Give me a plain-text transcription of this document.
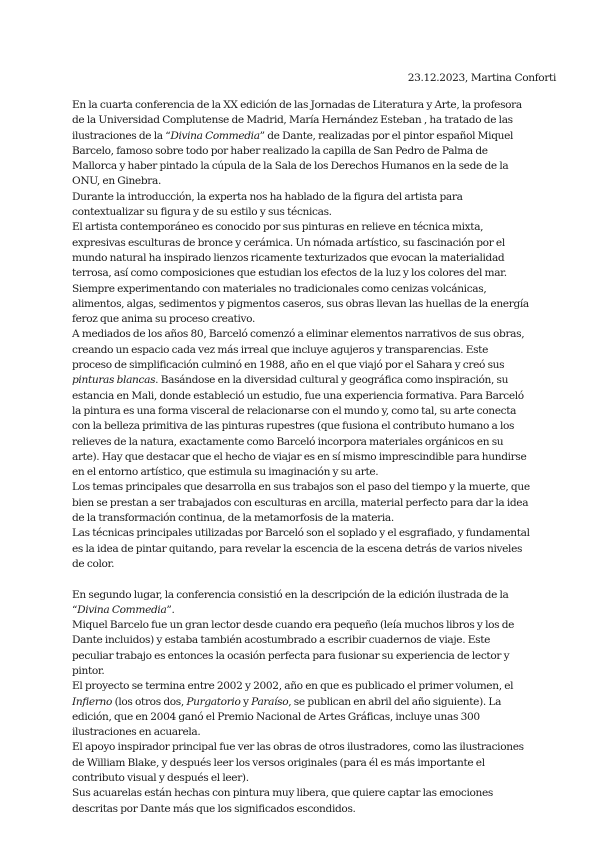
23.12.2023, Martina Conforti

En la cuarta conferencia de la XX edición de las Jornadas de Literatura y Arte, la profesora de la Universidad Complutense de Madrid, María Hernández Esteban , ha tratado de las ilustraciones de la “Divina Commedia” de Dante, realizadas por el pintor español Miquel Barcelo, famoso sobre todo por haber realizado la capilla de San Pedro de Palma de Mallorca y haber pintado la cúpula de la Sala de los Derechos Humanos en la sede de la ONU, en Ginebra.

Durante la introducción, la experta nos ha hablado de la figura del artista para contextualizar su figura y de su estilo y sus técnicas.

El artista contemporáneo es conocido por sus pinturas en relieve en técnica mixta, expresivas esculturas de bronce y cerámica. Un nómada artístico, su fascinación por el mundo natural ha inspirado lienzos ricamente texturizados que evocan la materialidad terrosa, así como composiciones que estudian los efectos de la luz y los colores del mar. Siempre experimentando con materiales no tradicionales como cenizas volcánicas, alimentos, algas, sedimentos y pigmentos caseros, sus obras llevan las huellas de la energía feroz que anima su proceso creativo.

A mediados de los años 80, Barceló comenzó a eliminar elementos narrativos de sus obras, creando un espacio cada vez más irreal que incluye agujeros y transparencias. Este proceso de simplificación culminó en 1988, año en el que viajó por el Sahara y creó sus pinturas blancas. Basándose en la diversidad cultural y geográfica como inspiración, su estancia en Mali, donde estableció un estudio, fue una experiencia formativa. Para Barceló la pintura es una forma visceral de relacionarse con el mundo y, como tal, su arte conecta con la belleza primitiva de las pinturas rupestres (que fusiona el contributo humano a los relieves de la natura, exactamente como Barceló incorpora materiales orgánicos en su arte). Hay que destacar que el hecho de viajar es en sí mismo imprescindible para hundirse en el entorno artístico, que estimula su imaginación y su arte.

Los temas principales que desarrolla en sus trabajos son el paso del tiempo y la muerte, que bien se prestan a ser trabajados con esculturas en arcilla, material perfecto para dar la idea de la transformación continua, de la metamorfosis de la materia.

Las técnicas principales utilizadas por Barceló son el soplado y el esgrafiado, y fundamental es la idea de pintar quitando, para revelar la escencia de la escena detrás de varios niveles de color.

En segundo lugar, la conferencia consistió en la descripción de la edición ilustrada de la “Divina Commedia”.

Miquel Barcelo fue un gran lector desde cuando era pequeño (leía muchos libros y los de Dante incluidos) y estaba también acostumbrado a escribir cuadernos de viaje. Este peculiar trabajo es entonces la ocasión perfecta para fusionar su experiencia de lector y pintor.

El proyecto se termina entre 2002 y 2002, año en que es publicado el primer volumen, el Infierno (los otros dos, Purgatorio y Paraíso, se publican en abril del año siguiente). La edición, que en 2004 ganó el Premio Nacional de Artes Gráficas, incluye unas 300 ilustraciones en acuarela.

El apoyo inspirador principal fue ver las obras de otros ilustradores, como las ilustraciones de William Blake, y después leer los versos originales (para él es más importante el contributo visual y después el leer).

Sus acuarelas están hechas con pintura muy libera, que quiere captar las emociones descritas por Dante más que los significados escondidos.
